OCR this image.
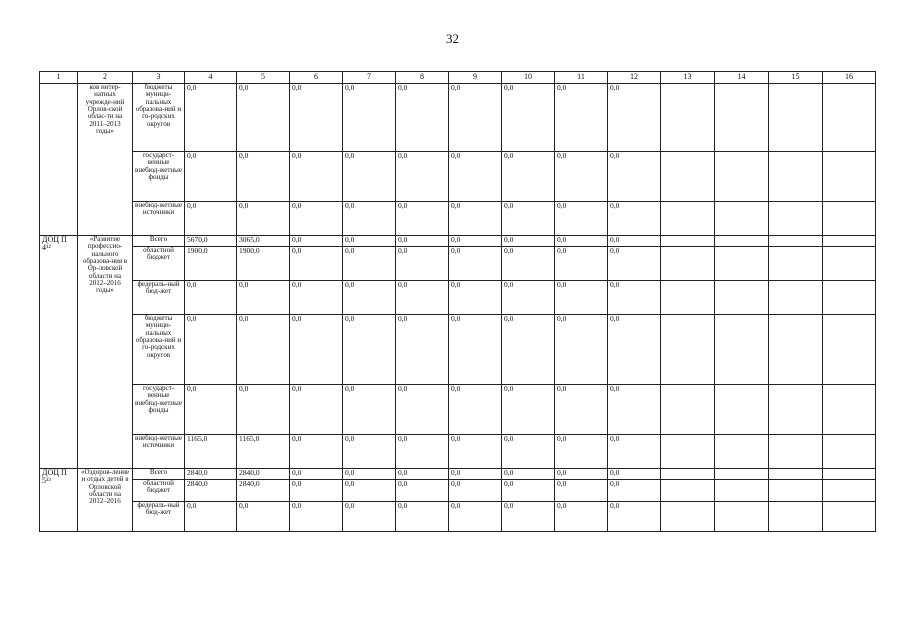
32
1	2	3	4	5	6	7	8	9	10	11	12	13	14	15	16
	ков интер-натных учрежде-ний Орлов-ской облас-ти на 2011–2013 годы»	бюджеты муници-пальных образова-ний и го-родских округов	0,0	0,0	0,0	0,0	0,0	0,0	0,0	0,0	0,0				
		государст-венные внебюд-жетные фонды	0,0	0,0	0,0	0,0	0,0	0,0	0,0	0,0	0,0				
		внебюд-жетные источники	0,0	0,0	0,0	0,0	0,0	0,0	0,0	0,0	0,0				
ДОЦ П 4¹²	«Развитие профессио-нального образова-ния в Ор-ловской области на 2012–2016 годы»	Всего	5670,0	3065,0	0,0	0,0	0,0	0,0	0,0	0,0	0,0				
		областной бюджет	1900,0	1900,0	0,0	0,0	0,0	0,0	0,0	0,0	0,0				
		федераль-ный бюд-жет	0,0	0,0	0,0	0,0	0,0	0,0	0,0	0,0	0,0				
		бюджеты муници-пальных образова-ний и го-родских округов	0,0	0,0	0,0	0,0	0,0	0,0	0,0	0,0	0,0				
		государст-венные внебюд-жетные фонды	0,0	0,0	0,0	0,0	0,0	0,0	0,0	0,0	0,0				
		внебюд-жетные источники	1165,0	1165,0	0,0	0,0	0,0	0,0	0,0	0,0	0,0				
ДОЦ П 5¹³	«Оздоров-ление и отдых детей в Орловской области на 2012–2016	Всего	2840,0	2840,0	0,0	0,0	0,0	0,0	0,0	0,0	0,0				
		областной бюджет	2840,0	2840,0	0,0	0,0	0,0	0,0	0,0	0,0	0,0				
		федераль-ный бюд-жет	0,0	0,0	0,0	0,0	0,0	0,0	0,0	0,0	0,0				
